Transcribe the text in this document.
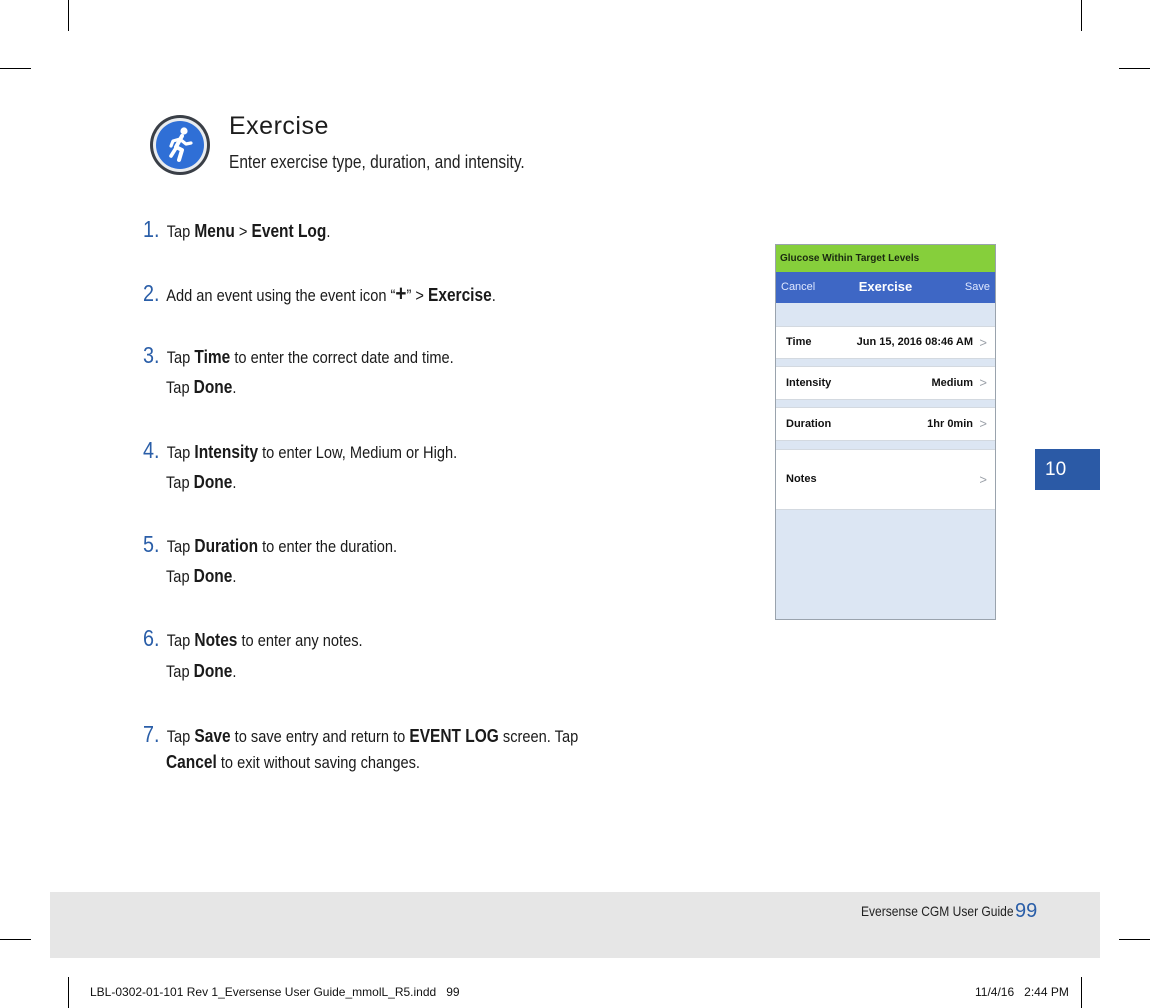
Exercise
Enter exercise type, duration, and intensity.
1. Tap Menu > Event Log.
2. Add an event using the event icon “+” > Exercise.
3. Tap Time to enter the correct date and time.
Tap Done.
4. Tap Intensity to enter Low, Medium or High.
Tap Done.
5. Tap Duration to enter the duration.
Tap Done.
6. Tap Notes to enter any notes.
Tap Done.
7. Tap Save to save entry and return to EVENT LOG screen. Tap
Cancel to exit without saving changes.
Glucose Within Target Levels
Cancel	Exercise	Save
Time	Jun 15, 2016 08:46 AM >
Intensity	Medium >
Duration	1hr 0min >
Notes	>	10
Eversense CGM User Guide 99
LBL-0302-01-101 Rev 1_Eversense User Guide_mmolL_R5.indd   99	11/4/16   2:44 PM
